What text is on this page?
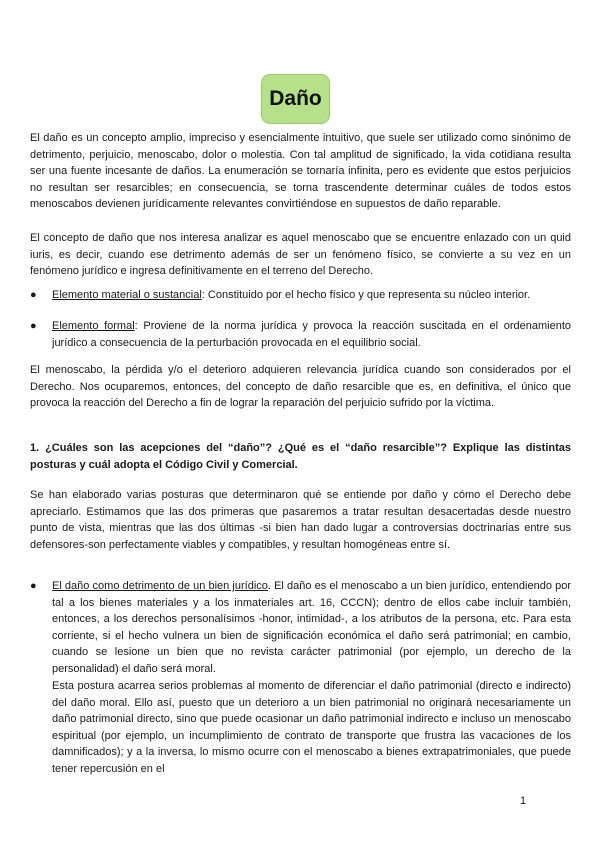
Daño

El daño es un concepto amplio, impreciso y esencialmente intuitivo, que suele ser utilizado como sinónimo de detrimento, perjuicio, menoscabo, dolor o molestia. Con tal amplitud de significado, la vida cotidiana resulta ser una fuente incesante de daños. La enumeración se tornaría infinita, pero es evidente que estos perjuicios no resultan ser resarcibles; en consecuencia, se torna trascendente determinar cuáles de todos estos menoscabos devienen jurídicamente relevantes convirtiéndose en supuestos de daño reparable.

El concepto de daño que nos interesa analizar es aquel menoscabo que se encuentre enlazado con un quid iuris, es decir, cuando ese detrimento además de ser un fenómeno físico, se convierte a su vez en un fenómeno jurídico e ingresa definitivamente en el terreno del Derecho.

●	Elemento material o sustancial: Constituido por el hecho físico y que representa su núcleo interior.

●	Elemento formal: Proviene de la norma jurídica y provoca la reacción suscitada en el ordenamiento jurídico a consecuencia de la perturbación provocada en el equilibrio social.

El menoscabo, la pérdida y/o el deterioro adquieren relevancia jurídica cuando son considerados por el Derecho. Nos ocuparemos, entonces, del concepto de daño resarcible que es, en definitiva, el único que provoca la reacción del Derecho a fin de lograr la reparación del perjuicio sufrido por la víctima.

1. ¿Cuáles son las acepciones del “daño”? ¿Qué es el “daño resarcible”? Explique las distintas posturas y cuál adopta el Código Civil y Comercial.

Se han elaborado varias posturas que determinaron qué se entiende por daño y cómo el Derecho debe apreciarlo. Estimamos que las dos primeras que pasaremos a tratar resultan desacertadas desde nuestro punto de vista, mientras que las dos últimas -si bien han dado lugar a controversias doctrinarias entre sus defensores-son perfectamente viables y compatibles, y resultan homogéneas entre sí.

●	El daño como detrimento de un bien jurídico. El daño es el menoscabo a un bien jurídico, entendiendo por tal a los bienes materiales y a los inmateriales art. 16, CCCN); dentro de ellos cabe incluir también, entonces, a los derechos personalísimos -honor, intimidad-, a los atributos de la persona, etc. Para esta corriente, si el hecho vulnera un bien de significación económica el daño será patrimonial; en cambio, cuando se lesione un bien que no revista carácter patrimonial (por ejemplo, un derecho de la personalidad) el daño será moral.

Esta postura acarrea serios problemas al momento de diferenciar el daño patrimonial (directo e indirecto) del daño moral. Ello así, puesto que un deterioro a un bien patrimonial no originará necesariamente un daño patrimonial directo, sino que puede ocasionar un daño patrimonial indirecto e incluso un menoscabo espiritual (por ejemplo, un incumplimiento de contrato de transporte que frustra las vacaciones de los damnificados); y a la inversa, lo mismo ocurre con el menoscabo a bienes extrapatrimoniales, que puede tener repercusión en el

1
